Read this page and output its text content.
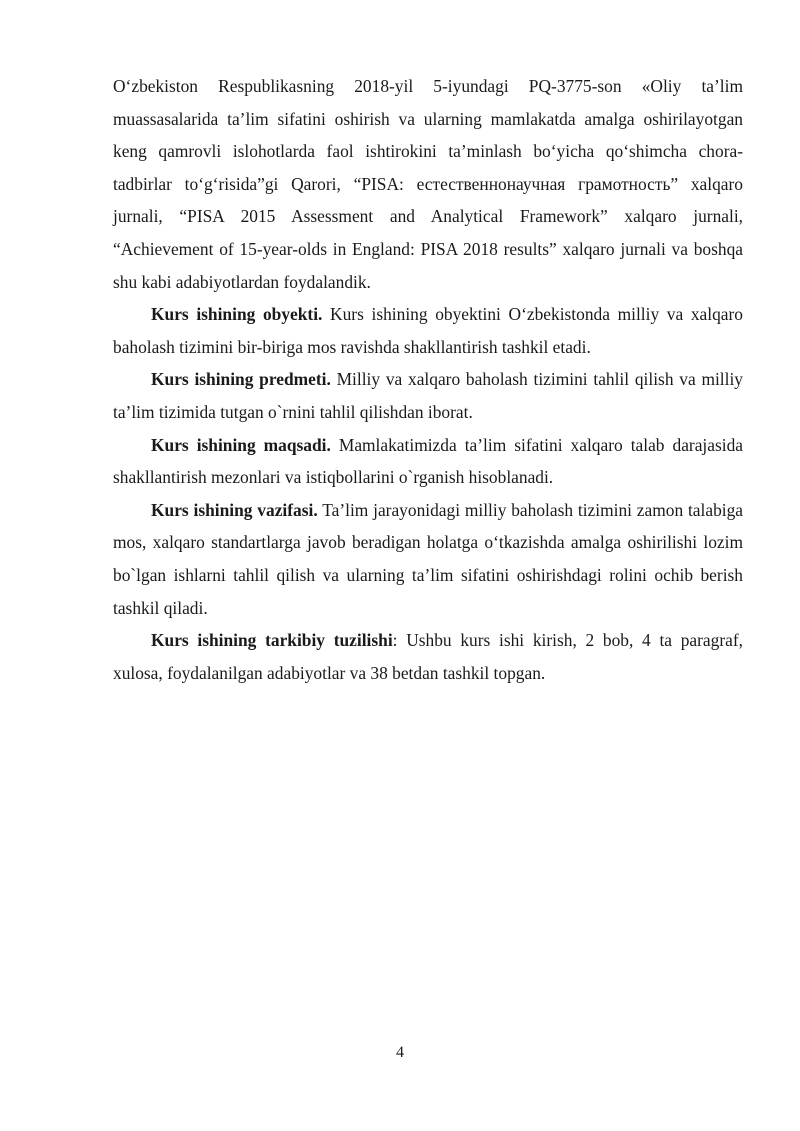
O‘zbekiston Respublikasning 2018-yil 5-iyundagi PQ-3775-son «Oliy ta’lim muassasalarida ta’lim sifatini oshirish va ularning mamlakatda amalga oshirilayotgan keng qamrovli islohotlarda faol ishtirokini ta’minlash bo‘yicha qo‘shimcha chora-tadbirlar to‘g‘risida”gi Qarori, “PISA: естественнонаучная грамотность” xalqaro jurnali, “PISA 2015 Assessment and Analytical Framework” xalqaro jurnali, “Achievement of 15-year-olds in England: PISA 2018 results” xalqaro jurnali va boshqa shu kabi adabiyotlardan foydalandik.

Kurs ishining obyekti. Kurs ishining obyektini O‘zbekistonda milliy va xalqaro baholash tizimini bir-biriga mos ravishda shakllantirish tashkil etadi.

Kurs ishining predmeti. Milliy va xalqaro baholash tizimini tahlil qilish va milliy ta’lim tizimida tutgan o`rnini tahlil qilishdan iborat.

Kurs ishining maqsadi. Mamlakatimizda ta’lim sifatini xalqaro talab darajasida shakllantirish mezonlari va istiqbollarini o`rganish hisoblanadi.

Kurs ishining vazifasi. Ta’lim jarayonidagi milliy baholash tizimini zamon talabiga mos, xalqaro standartlarga javob beradigan holatga o‘tkazishda amalga oshirilishi lozim bo`lgan ishlarni tahlil qilish va ularning ta’lim sifatini oshirishdagi rolini ochib berish tashkil qiladi.

Kurs ishining tarkibiy tuzilishi: Ushbu kurs ishi kirish, 2 bob, 4 ta paragraf, xulosa, foydalanilgan adabiyotlar va 38 betdan tashkil topgan.

4
